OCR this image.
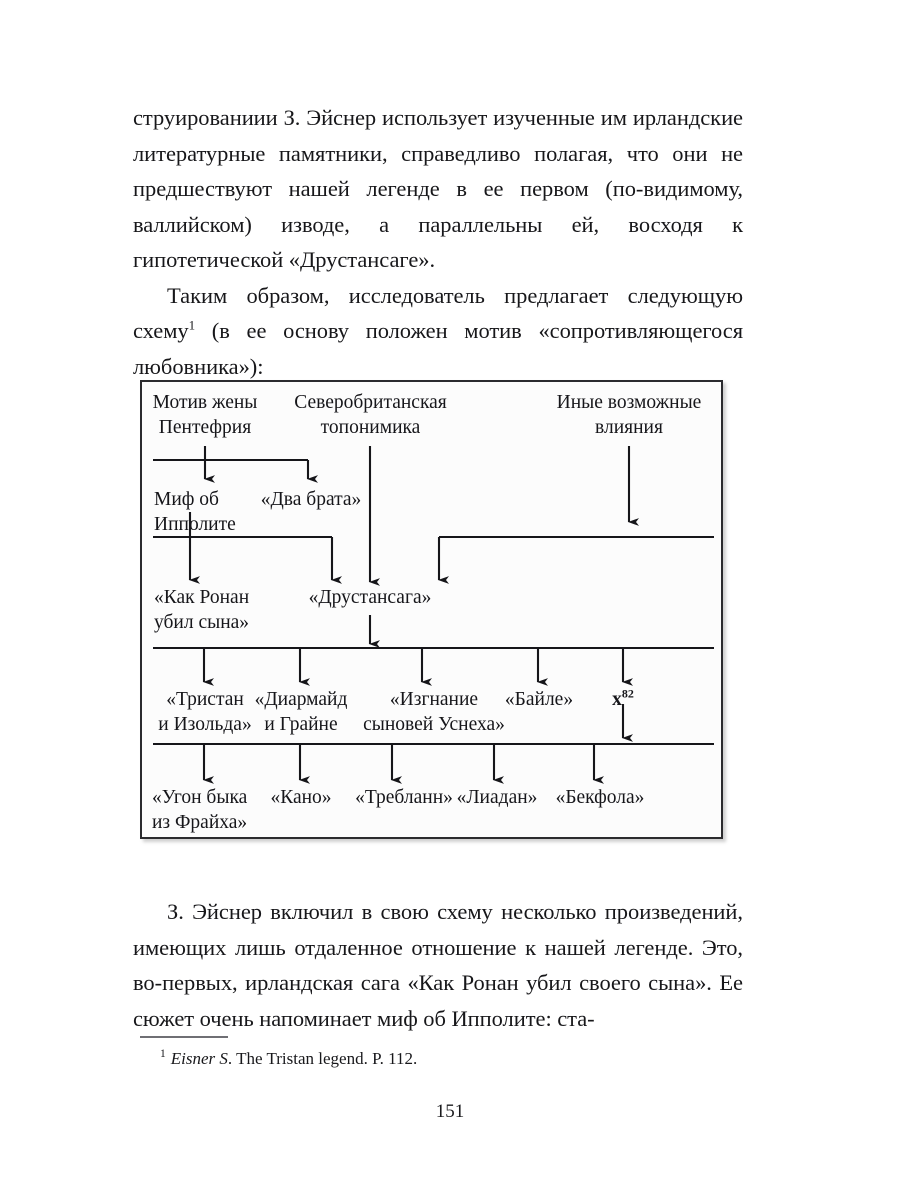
струированиии З. Эйснер использует изученные им ирландские литературные памятники, справедливо полагая, что они не предшествуют нашей легенде в ее первом (по-видимому, валлийском) изводе, а параллельны ей, восходя к гипотетической «Друстансаге».

Таким образом, исследователь предлагает следующую схему$^1$ (в ее основу положен мотив «сопротивляющегося любовника»):

Мотив жены
Пентефрия
Северобританская
топонимика
Иные возможные
влияния
Миф об
Ипполите
«Два брата»
«Как Ронан
убил сына»
«Друстансага»
«Тристан
и Изольда»
«Диармайд
и Грайне
«Изгнание
сыновей Уснеха»
«Байле»	$x^{82}$
«Угон быка
из Фрайха»
«Кано»	«Требланн» «Лиадан» «Бекфола»

З. Эйснер включил в свою схему несколько произведений, имеющих лишь отдаленное отношение к нашей легенде. Это, во-первых, ирландская сага «Как Ронан убил своего сына». Ее сюжет очень напоминает миф об Ипполите: ста-

$^1$ Eisner S. The Tristan legend. P. 112.
151
